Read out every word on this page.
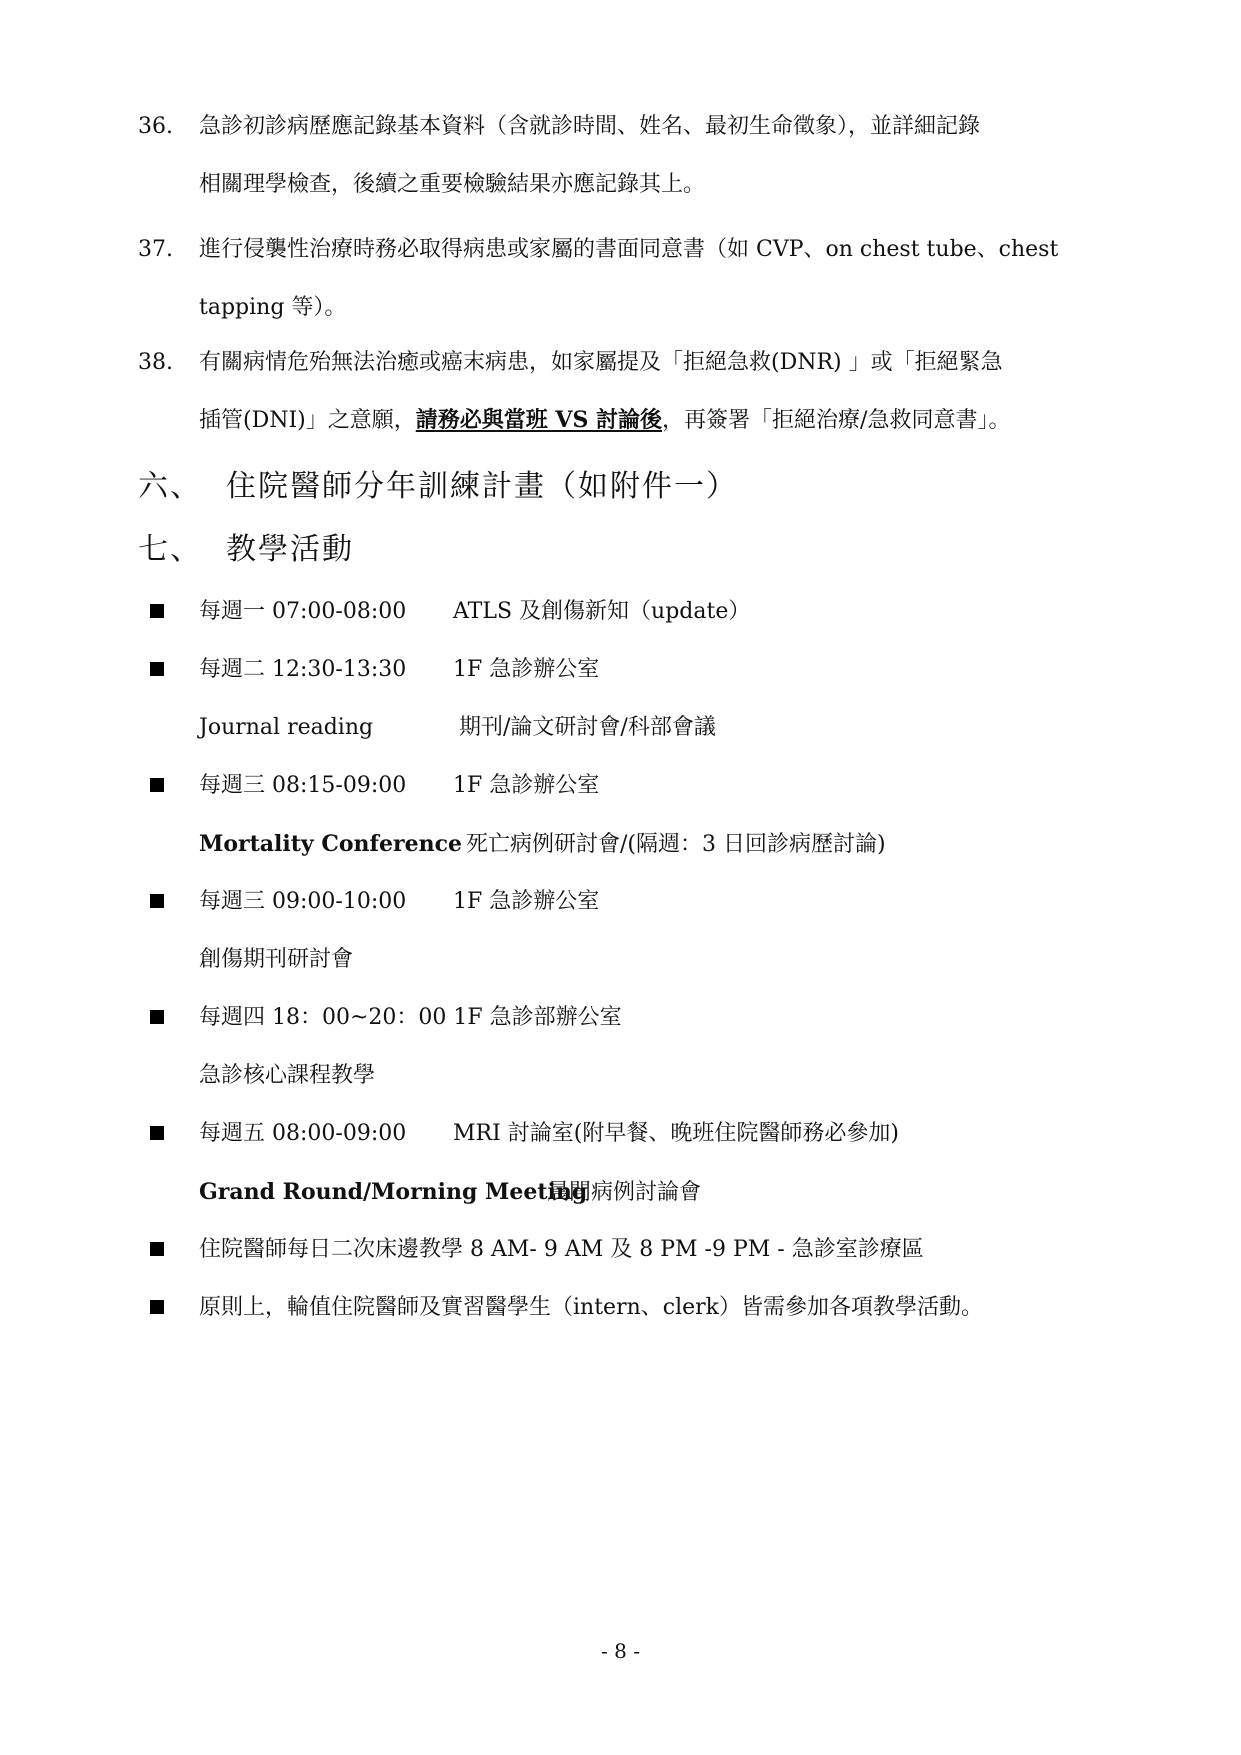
36. 急診初診病歷應記錄基本資料（含就診時間、姓名、最初生命徵象），並詳細記錄
相關理學檢查，後續之重要檢驗結果亦應記錄其上。
37. 進行侵襲性治療時務必取得病患或家屬的書面同意書（如 CVP、on chest tube、chest
tapping 等）。
38. 有關病情危殆無法治癒或癌末病患，如家屬提及「拒絕急救(DNR) 」或「拒絕緊急
插管(DNI)」之意願，請務必與當班 VS 討論後，再簽署「拒絕治療/急救同意書」。
六、 住院醫師分年訓練計畫（如附件一）
七、 教學活動
每週一 07:00-08:00 ATLS 及創傷新知（update）
每週二 12:30-13:30 1F 急診辦公室
Journal reading	期刊/論文研討會/科部會議
每週三 08:15-09:00 1F 急診辦公室
Mortality Conference 死亡病例研討會/(隔週：3 日回診病歷討論)
每週三 09:00-10:00 1F 急診辦公室
創傷期刊研討會
每週四 18：00~20：00 1F 急診部辦公室
急診核心課程教學
每週五 08:00-09:00 MRI 討論室(附早餐、晚班住院醫師務必參加)
Grand Round/Morning Meeting晨間病例討論會
住院醫師每日二次床邊教學 8 AM- 9 AM 及 8 PM -9 PM - 急診室診療區
原則上，輪值住院醫師及實習醫學生（intern、clerk）皆需參加各項教學活動。
- 8 -
